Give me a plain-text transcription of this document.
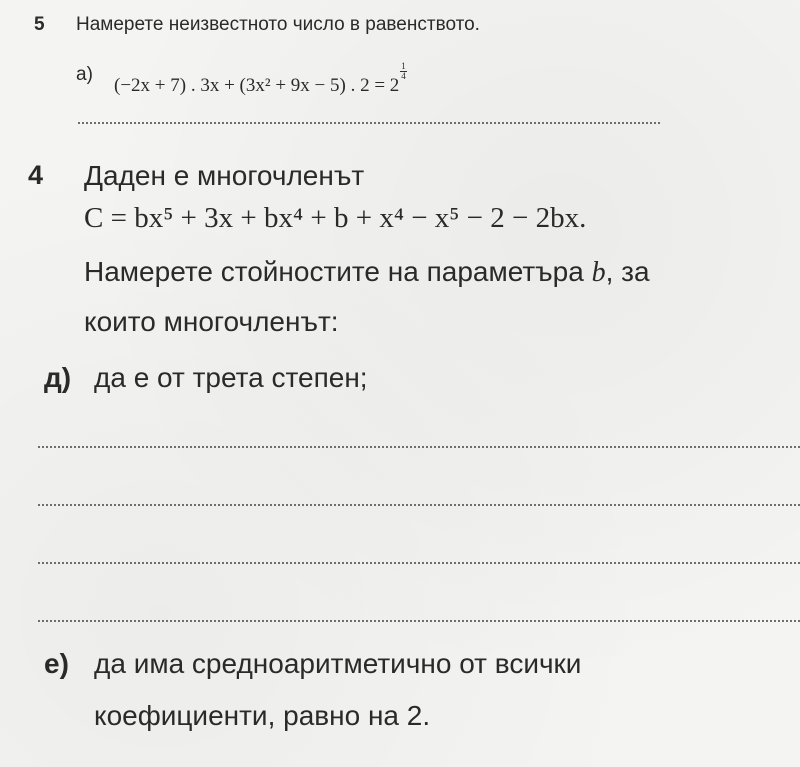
5 Намерете неизвестното число в равенството.
а)
(−2x + 7) . 3x + (3x² + 9x − 5) . 2 = 2
$\frac{1}{4}$
4 Даден е многочленът
C = bx⁵ + 3x + bx⁴ + b + x⁴ − x⁵ − 2 − 2bx.
Намерете стойностите на параметъра b, за
които многочленът:
д) да е от трета степен;
е) да има средноаритметично от всички
коефициенти, равно на 2.
